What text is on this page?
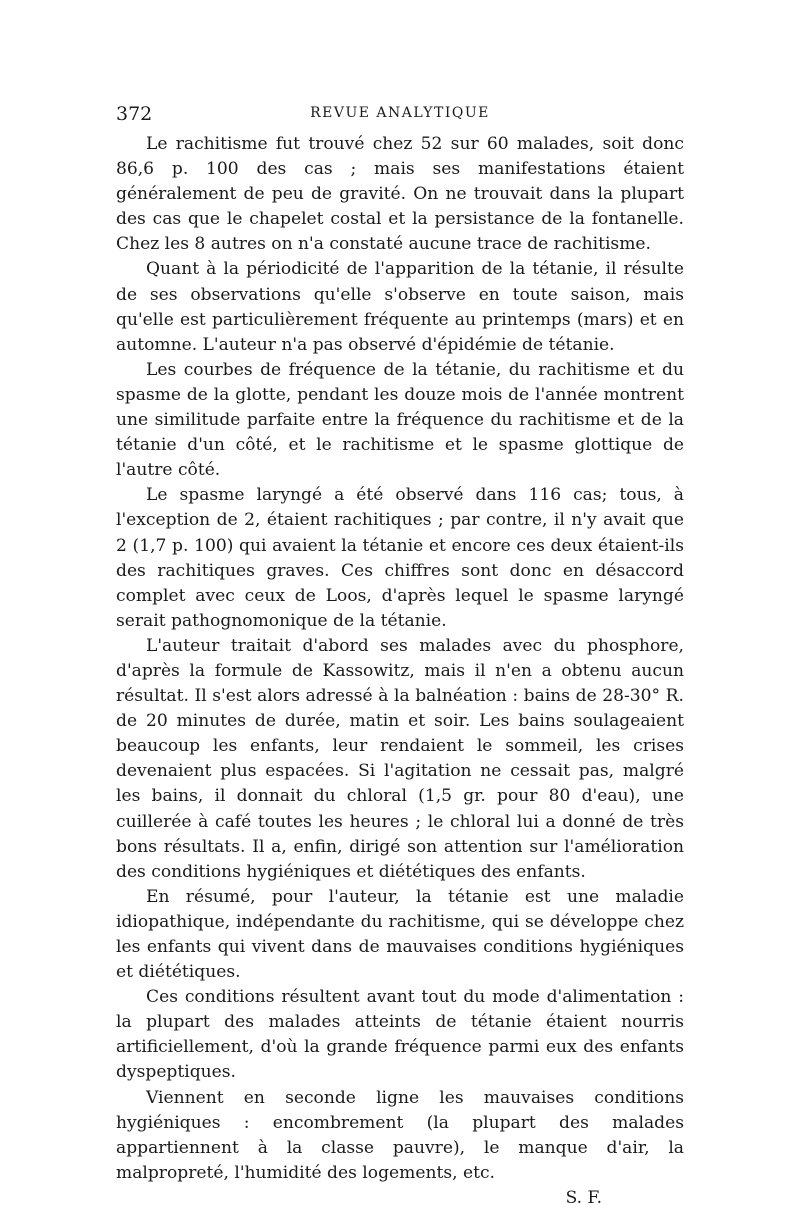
372	REVUE ANALYTIQUE

Le rachitisme fut trouvé chez 52 sur 60 malades, soit donc 86,6 p. 100 des cas ; mais ses manifestations étaient généralement de peu de gravité. On ne trouvait dans la plupart des cas que le chapelet costal et la persistance de la fontanelle. Chez les 8 autres on n'a constaté aucune trace de rachitisme.

Quant à la périodicité de l'apparition de la tétanie, il résulte de ses observations qu'elle s'observe en toute saison, mais qu'elle est particulièrement fréquente au printemps (mars) et en automne. L'auteur n'a pas observé d'épidémie de tétanie.

Les courbes de fréquence de la tétanie, du rachitisme et du spasme de la glotte, pendant les douze mois de l'année montrent une similitude parfaite entre la fréquence du rachitisme et de la tétanie d'un côté, et le rachitisme et le spasme glottique de l'autre côté.

Le spasme laryngé a été observé dans 116 cas; tous, à l'exception de 2, étaient rachitiques ; par contre, il n'y avait que 2 (1,7 p. 100) qui avaient la tétanie et encore ces deux étaient-ils des rachitiques graves. Ces chiffres sont donc en désaccord complet avec ceux de Loos, d'après lequel le spasme laryngé serait pathognomonique de la tétanie.

L'auteur traitait d'abord ses malades avec du phosphore, d'après la formule de Kassowitz, mais il n'en a obtenu aucun résultat. Il s'est alors adressé à la balnéation : bains de 28-30° R. de 20 minutes de durée, matin et soir. Les bains soulageaient beaucoup les enfants, leur rendaient le sommeil, les crises devenaient plus espacées. Si l'agitation ne cessait pas, malgré les bains, il donnait du chloral (1,5 gr. pour 80 d'eau), une cuillerée à café toutes les heures ; le chloral lui a donné de très bons résultats. Il a, enfin, dirigé son attention sur l'amélioration des conditions hygiéniques et diététiques des enfants.

En résumé, pour l'auteur, la tétanie est une maladie idiopathique, indépendante du rachitisme, qui se développe chez les enfants qui vivent dans de mauvaises conditions hygiéniques et diététiques.

Ces conditions résultent avant tout du mode d'alimentation : la plupart des malades atteints de tétanie étaient nourris artificiellement, d'où la grande fréquence parmi eux des enfants dyspeptiques.

Viennent en seconde ligne les mauvaises conditions hygiéniques : encombrement (la plupart des malades appartiennent à la classe pauvre), le manque d'air, la malpropreté, l'humidité des logements, etc.

S. F.
